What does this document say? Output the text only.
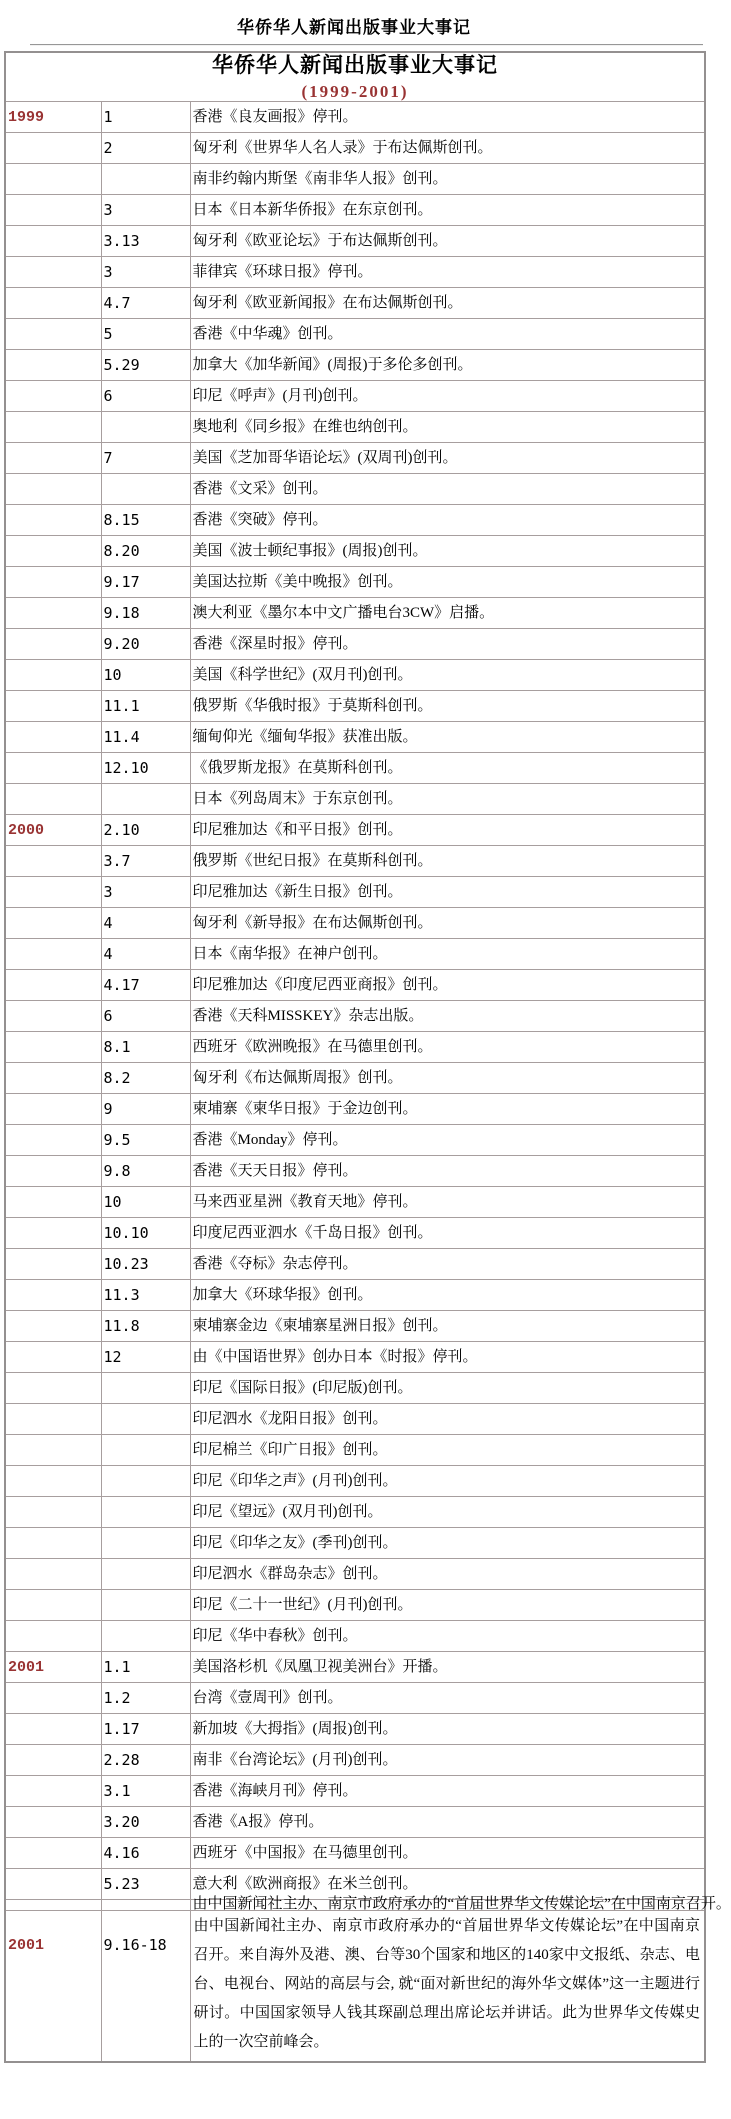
华侨华人新闻出版事业大事记
华侨华人新闻出版事业大事记
(1999-2001)		

1999	1	香港《良友画报》停刊。
	2	匈牙利《世界华人名人录》于布达佩斯创刊。
		南非约翰内斯堡《南非华人报》创刊。
	3	日本《日本新华侨报》在东京创刊。
	3.13	匈牙利《欧亚论坛》于布达佩斯创刊。
	3	菲律宾《环球日报》停刊。
	4.7	匈牙利《欧亚新闻报》在布达佩斯创刊。
	5	香港《中华魂》创刊。
	5.29	加拿大《加华新闻》(周报)于多伦多创刊。
	6	印尼《呼声》(月刊)创刊。
		奥地利《同乡报》在维也纳创刊。
	7	美国《芝加哥华语论坛》(双周刊)创刊。
		香港《文采》创刊。
	8.15	香港《突破》停刊。
	8.20	美国《波士顿纪事报》(周报)创刊。
	9.17	美国达拉斯《美中晚报》创刊。
	9.18	澳大利亚《墨尔本中文广播电台3CW》启播。
	9.20	香港《深星时报》停刊。
	10	美国《科学世纪》(双月刊)创刊。
	11.1	俄罗斯《华俄时报》于莫斯科创刊。
	11.4	缅甸仰光《缅甸华报》获准出版。
	12.10	《俄罗斯龙报》在莫斯科创刊。
		日本《列岛周末》于东京创刊。
2000	2.10	印尼雅加达《和平日报》创刊。
	3.7	俄罗斯《世纪日报》在莫斯科创刊。
	3	印尼雅加达《新生日报》创刊。
	4	匈牙利《新导报》在布达佩斯创刊。
	4	日本《南华报》在神户创刊。
	4.17	印尼雅加达《印度尼西亚商报》创刊。
	6	香港《天科MISSKEY》杂志出版。
	8.1	西班牙《欧洲晚报》在马德里创刊。
	8.2	匈牙利《布达佩斯周报》创刊。
	9	柬埔寨《柬华日报》于金边创刊。
	9.5	香港《Monday》停刊。
	9.8	香港《天天日报》停刊。
	10	马来西亚星洲《教育天地》停刊。
	10.10	印度尼西亚泗水《千岛日报》创刊。
	10.23	香港《夺标》杂志停刊。
	11.3	加拿大《环球华报》创刊。
	11.8	柬埔寨金边《柬埔寨星洲日报》创刊。
	12	由《中国语世界》创办日本《时报》停刊。
		印尼《国际日报》(印尼版)创刊。
		印尼泗水《龙阳日报》创刊。
		印尼棉兰《印广日报》创刊。
		印尼《印华之声》(月刊)创刊。
		印尼《望远》(双月刊)创刊。
		印尼《印华之友》(季刊)创刊。
		印尼泗水《群岛杂志》创刊。
		印尼《二十一世纪》(月刊)创刊。
		印尼《华中春秋》创刊。
2001	1.1	美国洛杉机《凤凰卫视美洲台》开播。
	1.2	台湾《壹周刊》创刊。
	1.17	新加坡《大拇指》(周报)创刊。
	2.28	南非《台湾论坛》(月刊)创刊。
	3.1	香港《海峡月刊》停刊。
	3.20	香港《A报》停刊。
	4.16	西班牙《中国报》在马德里创刊。
	5.23	意大利《欧洲商报》在米兰创刊。

		由中国新闻社主办、南京市政府承办的“首届世界华文传媒论坛”在中国南京召开。

2001	9.16-18	由中国新闻社主办、南京市政府承办的“首届世界华文传媒论坛”在中国南京召开。来自海外及港、澳、台等30个国家和地区的140家中文报纸、杂志、电台、电视台、网站的高层与会, 就“面对新世纪的海外华文媒体”这一主题进行研讨。中国国家领导人钱其琛副总理出席论坛并讲话。此为世界华文传媒史上的一次空前峰会。
